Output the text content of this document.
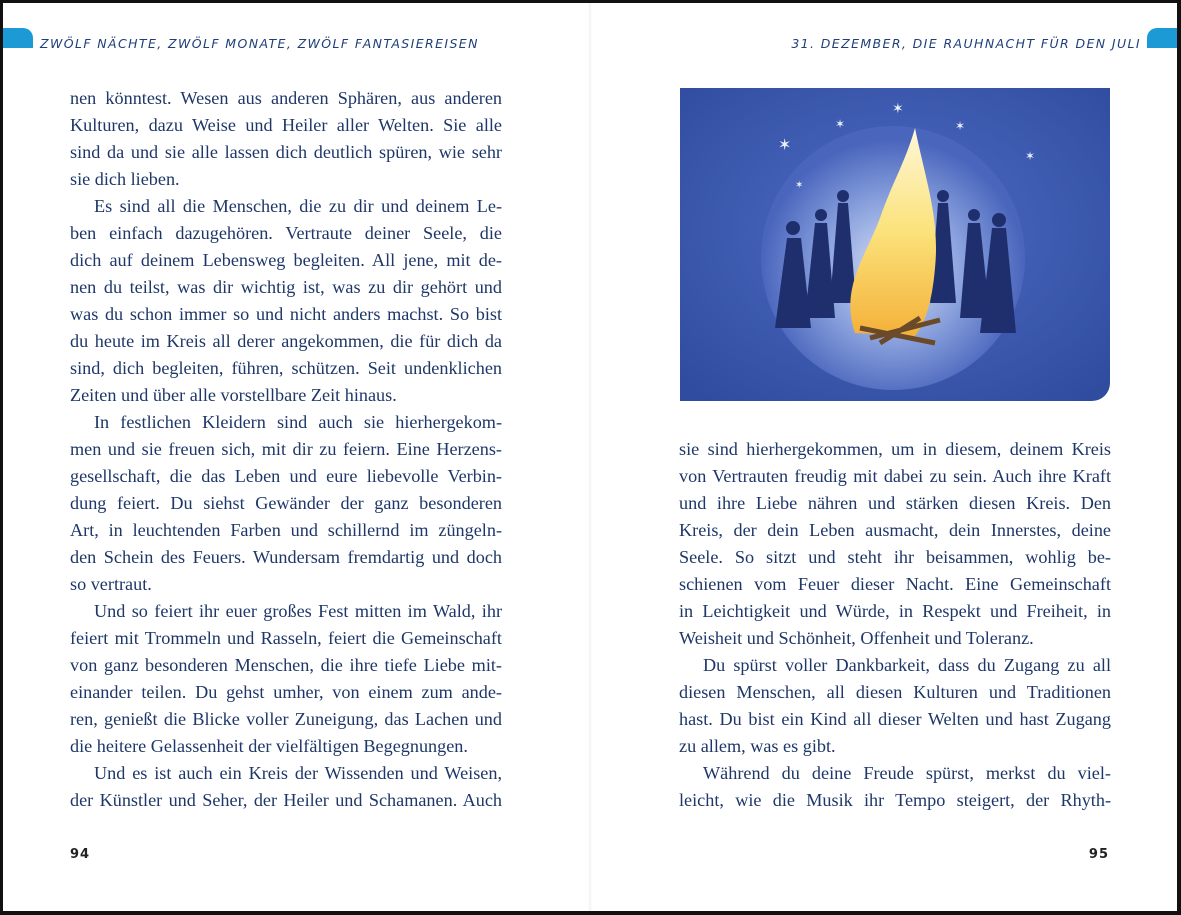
ZWÖLF NÄCHTE, ZWÖLF MONATE, ZWÖLF FANTASIEREISEN	31. DEZEMBER, DIE RAUHNACHT FÜR DEN JULI
nen könntest. Wesen aus anderen Sphären, aus anderen
Kulturen, dazu Weise und Heiler aller Welten. Sie alle
sind da und sie alle lassen dich deutlich spüren, wie sehr
sie dich lieben.
Es sind all die Menschen, die zu dir und deinem Le-
ben einfach dazugehören. Vertraute deiner Seele, die
dich auf deinem Lebensweg begleiten. All jene, mit de-
nen du teilst, was dir wichtig ist, was zu dir gehört und
was du schon immer so und nicht anders machst. So bist
du heute im Kreis all derer angekommen, die für dich da
sind, dich begleiten, führen, schützen. Seit undenklichen
Zeiten und über alle vorstellbare Zeit hinaus.
In festlichen Kleidern sind auch sie hierhergekom-
men und sie freuen sich, mit dir zu feiern. Eine Herzens-
gesellschaft, die das Leben und eure liebevolle Verbin-
dung feiert. Du siehst Gewänder der ganz besonderen
Art, in leuchtenden Farben und schillernd im züngeln-
den Schein des Feuers. Wundersam fremdartig und doch
so vertraut.
Und so feiert ihr euer großes Fest mitten im Wald, ihr
feiert mit Trommeln und Rasseln, feiert die Gemeinschaft
von ganz besonderen Menschen, die ihre tiefe Liebe mit-
einander teilen. Du gehst umher, von einem zum ande-
ren, genießt die Blicke voller Zuneigung, das Lachen und
die heitere Gelassenheit der vielfältigen Begegnungen.
Und es ist auch ein Kreis der Wissenden und Weisen,
der Künstler und Seher, der Heiler und Schamanen. Auch
sie sind hierhergekommen, um in diesem, deinem Kreis
von Vertrauten freudig mit dabei zu sein. Auch ihre Kraft
und ihre Liebe nähren und stärken diesen Kreis. Den
Kreis, der dein Leben ausmacht, dein Innerstes, deine
Seele. So sitzt und steht ihr beisammen, wohlig be-
schienen vom Feuer dieser Nacht. Eine Gemeinschaft
in Leichtigkeit und Würde, in Respekt und Freiheit, in
Weisheit und Schönheit, Offenheit und Toleranz.
Du spürst voller Dankbarkeit, dass du Zugang zu all
diesen Menschen, all diesen Kulturen und Traditionen
hast. Du bist ein Kind all dieser Welten und hast Zugang
zu allem, was es gibt.
Während du deine Freude spürst, merkst du viel-
leicht, wie die Musik ihr Tempo steigert, der Rhyth-
✶
✶
✶
✶
✶
✶
94	95
